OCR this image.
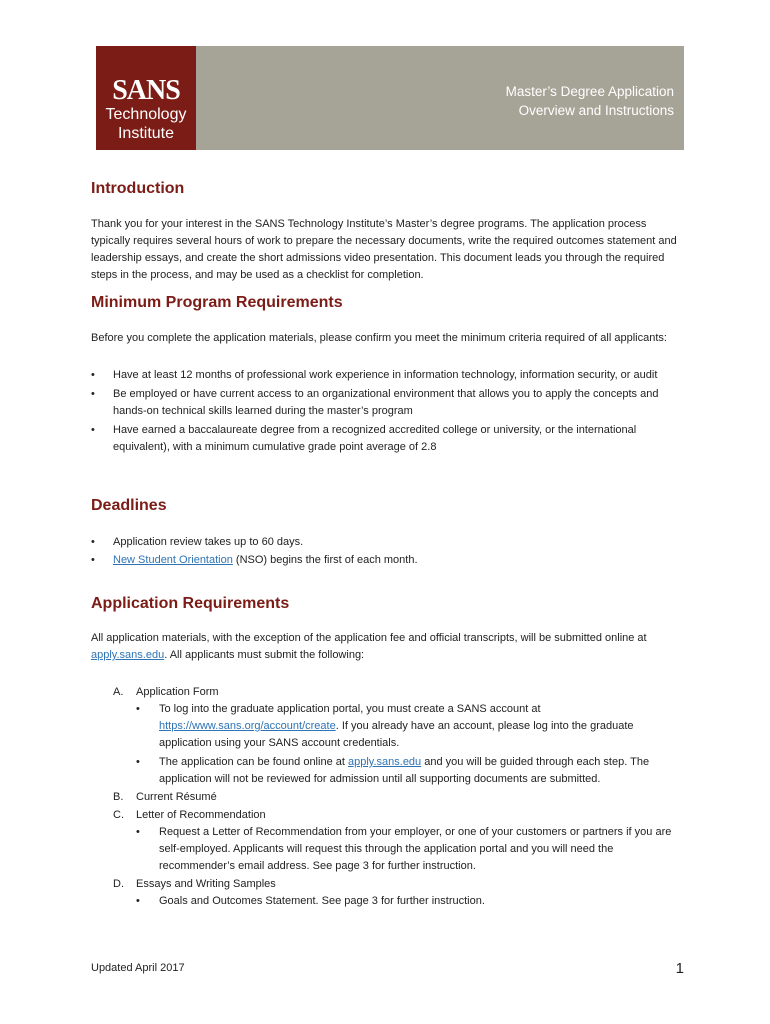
SANS
Technology
Institute
Master’s Degree Application
Overview and Instructions
Introduction

Thank you for your interest in the SANS Technology Institute’s Master’s degree programs. The application process typically requires several hours of work to prepare the necessary documents, write the required outcomes statement and leadership essays, and create the short admissions video presentation. This document leads you through the required steps in the process, and may be used as a checklist for completion.

Minimum Program Requirements

Before you complete the application materials, please confirm you meet the minimum criteria required of all applicants:

• Have at least 12 months of professional work experience in information technology, information security, or audit
• Be employed or have current access to an organizational environment that allows you to apply the concepts and hands-on technical skills learned during the master’s program
• Have earned a baccalaureate degree from a recognized accredited college or university, or the international equivalent), with a minimum cumulative grade point average of 2.8
Deadlines
• Application review takes up to 60 days.
• New Student Orientation (NSO) begins the first of each month.
Application Requirements

All application materials, with the exception of the application fee and official transcripts, will be submitted online at apply.sans.edu. All applicants must submit the following:

A. Application Form
• To log into the graduate application portal, you must create a SANS account at https://www.sans.org/account/create. If you already have an account, please log into the graduate application using your SANS account credentials.
• The application can be found online at apply.sans.edu and you will be guided through each step. The application will not be reviewed for admission until all supporting documents are submitted.
B. Current Résumé
C. Letter of Recommendation
• Request a Letter of Recommendation from your employer, or one of your customers or partners if you are self-employed. Applicants will request this through the application portal and you will need the recommender’s email address. See page 3 for further instruction.
D. Essays and Writing Samples
• Goals and Outcomes Statement. See page 3 for further instruction.
Updated April 2017	1
